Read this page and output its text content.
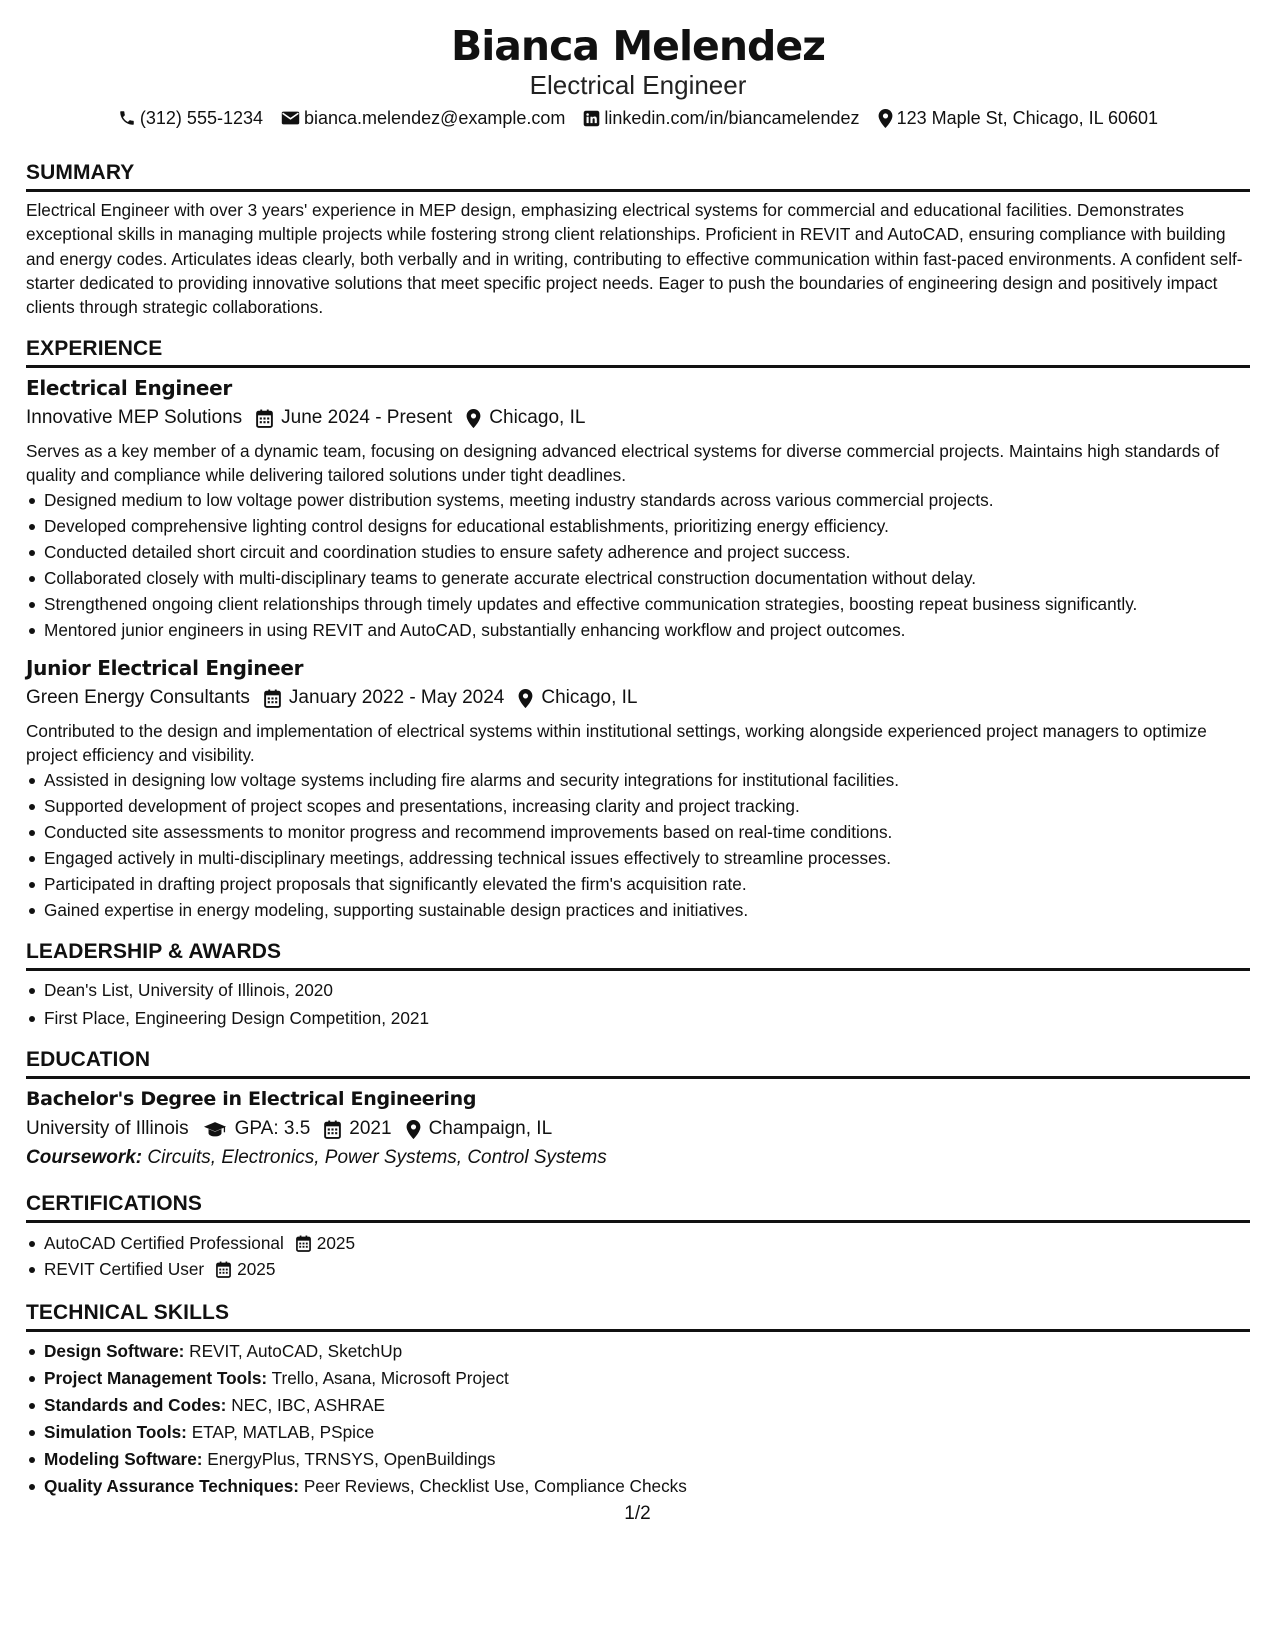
Bianca Melendez
Electrical Engineer
(312) 555-1234 bianca.melendez@example.com linkedin.com/in/biancamelendez 123 Maple St, Chicago, IL 60601
SUMMARY
Electrical Engineer with over 3 years' experience in MEP design, emphasizing electrical systems for commercial and educational facilities. Demonstrates exceptional skills in managing multiple projects while fostering strong client relationships. Proficient in REVIT and AutoCAD, ensuring compliance with building and energy codes. Articulates ideas clearly, both verbally and in writing, contributing to effective communication within fast-paced environments. A confident self-starter dedicated to providing innovative solutions that meet specific project needs. Eager to push the boundaries of engineering design and positively impact clients through strategic collaborations.
EXPERIENCE
Electrical Engineer
Innovative MEP Solutions June 2024 - Present Chicago, IL
Serves as a key member of a dynamic team, focusing on designing advanced electrical systems for diverse commercial projects. Maintains high standards of quality and compliance while delivering tailored solutions under tight deadlines.
Designed medium to low voltage power distribution systems, meeting industry standards across various commercial projects.
Developed comprehensive lighting control designs for educational establishments, prioritizing energy efficiency.
Conducted detailed short circuit and coordination studies to ensure safety adherence and project success.
Collaborated closely with multi-disciplinary teams to generate accurate electrical construction documentation without delay.
Strengthened ongoing client relationships through timely updates and effective communication strategies, boosting repeat business significantly.
Mentored junior engineers in using REVIT and AutoCAD, substantially enhancing workflow and project outcomes.
Junior Electrical Engineer
Green Energy Consultants January 2022 - May 2024 Chicago, IL
Contributed to the design and implementation of electrical systems within institutional settings, working alongside experienced project managers to optimize project efficiency and visibility.
Assisted in designing low voltage systems including fire alarms and security integrations for institutional facilities.
Supported development of project scopes and presentations, increasing clarity and project tracking.
Conducted site assessments to monitor progress and recommend improvements based on real-time conditions.
Engaged actively in multi-disciplinary meetings, addressing technical issues effectively to streamline processes.
Participated in drafting project proposals that significantly elevated the firm's acquisition rate.
Gained expertise in energy modeling, supporting sustainable design practices and initiatives.
LEADERSHIP & AWARDS
Dean's List, University of Illinois, 2020
First Place, Engineering Design Competition, 2021
EDUCATION
Bachelor's Degree in Electrical Engineering
University of Illinois GPA: 3.5 2021 Champaign, IL
Coursework: Circuits, Electronics, Power Systems, Control Systems
CERTIFICATIONS
AutoCAD Certified Professional 2025
REVIT Certified User 2025
TECHNICAL SKILLS
Design Software: REVIT, AutoCAD, SketchUp
Project Management Tools: Trello, Asana, Microsoft Project
Standards and Codes: NEC, IBC, ASHRAE
Simulation Tools: ETAP, MATLAB, PSpice
Modeling Software: EnergyPlus, TRNSYS, OpenBuildings
Quality Assurance Techniques: Peer Reviews, Checklist Use, Compliance Checks
1/2
